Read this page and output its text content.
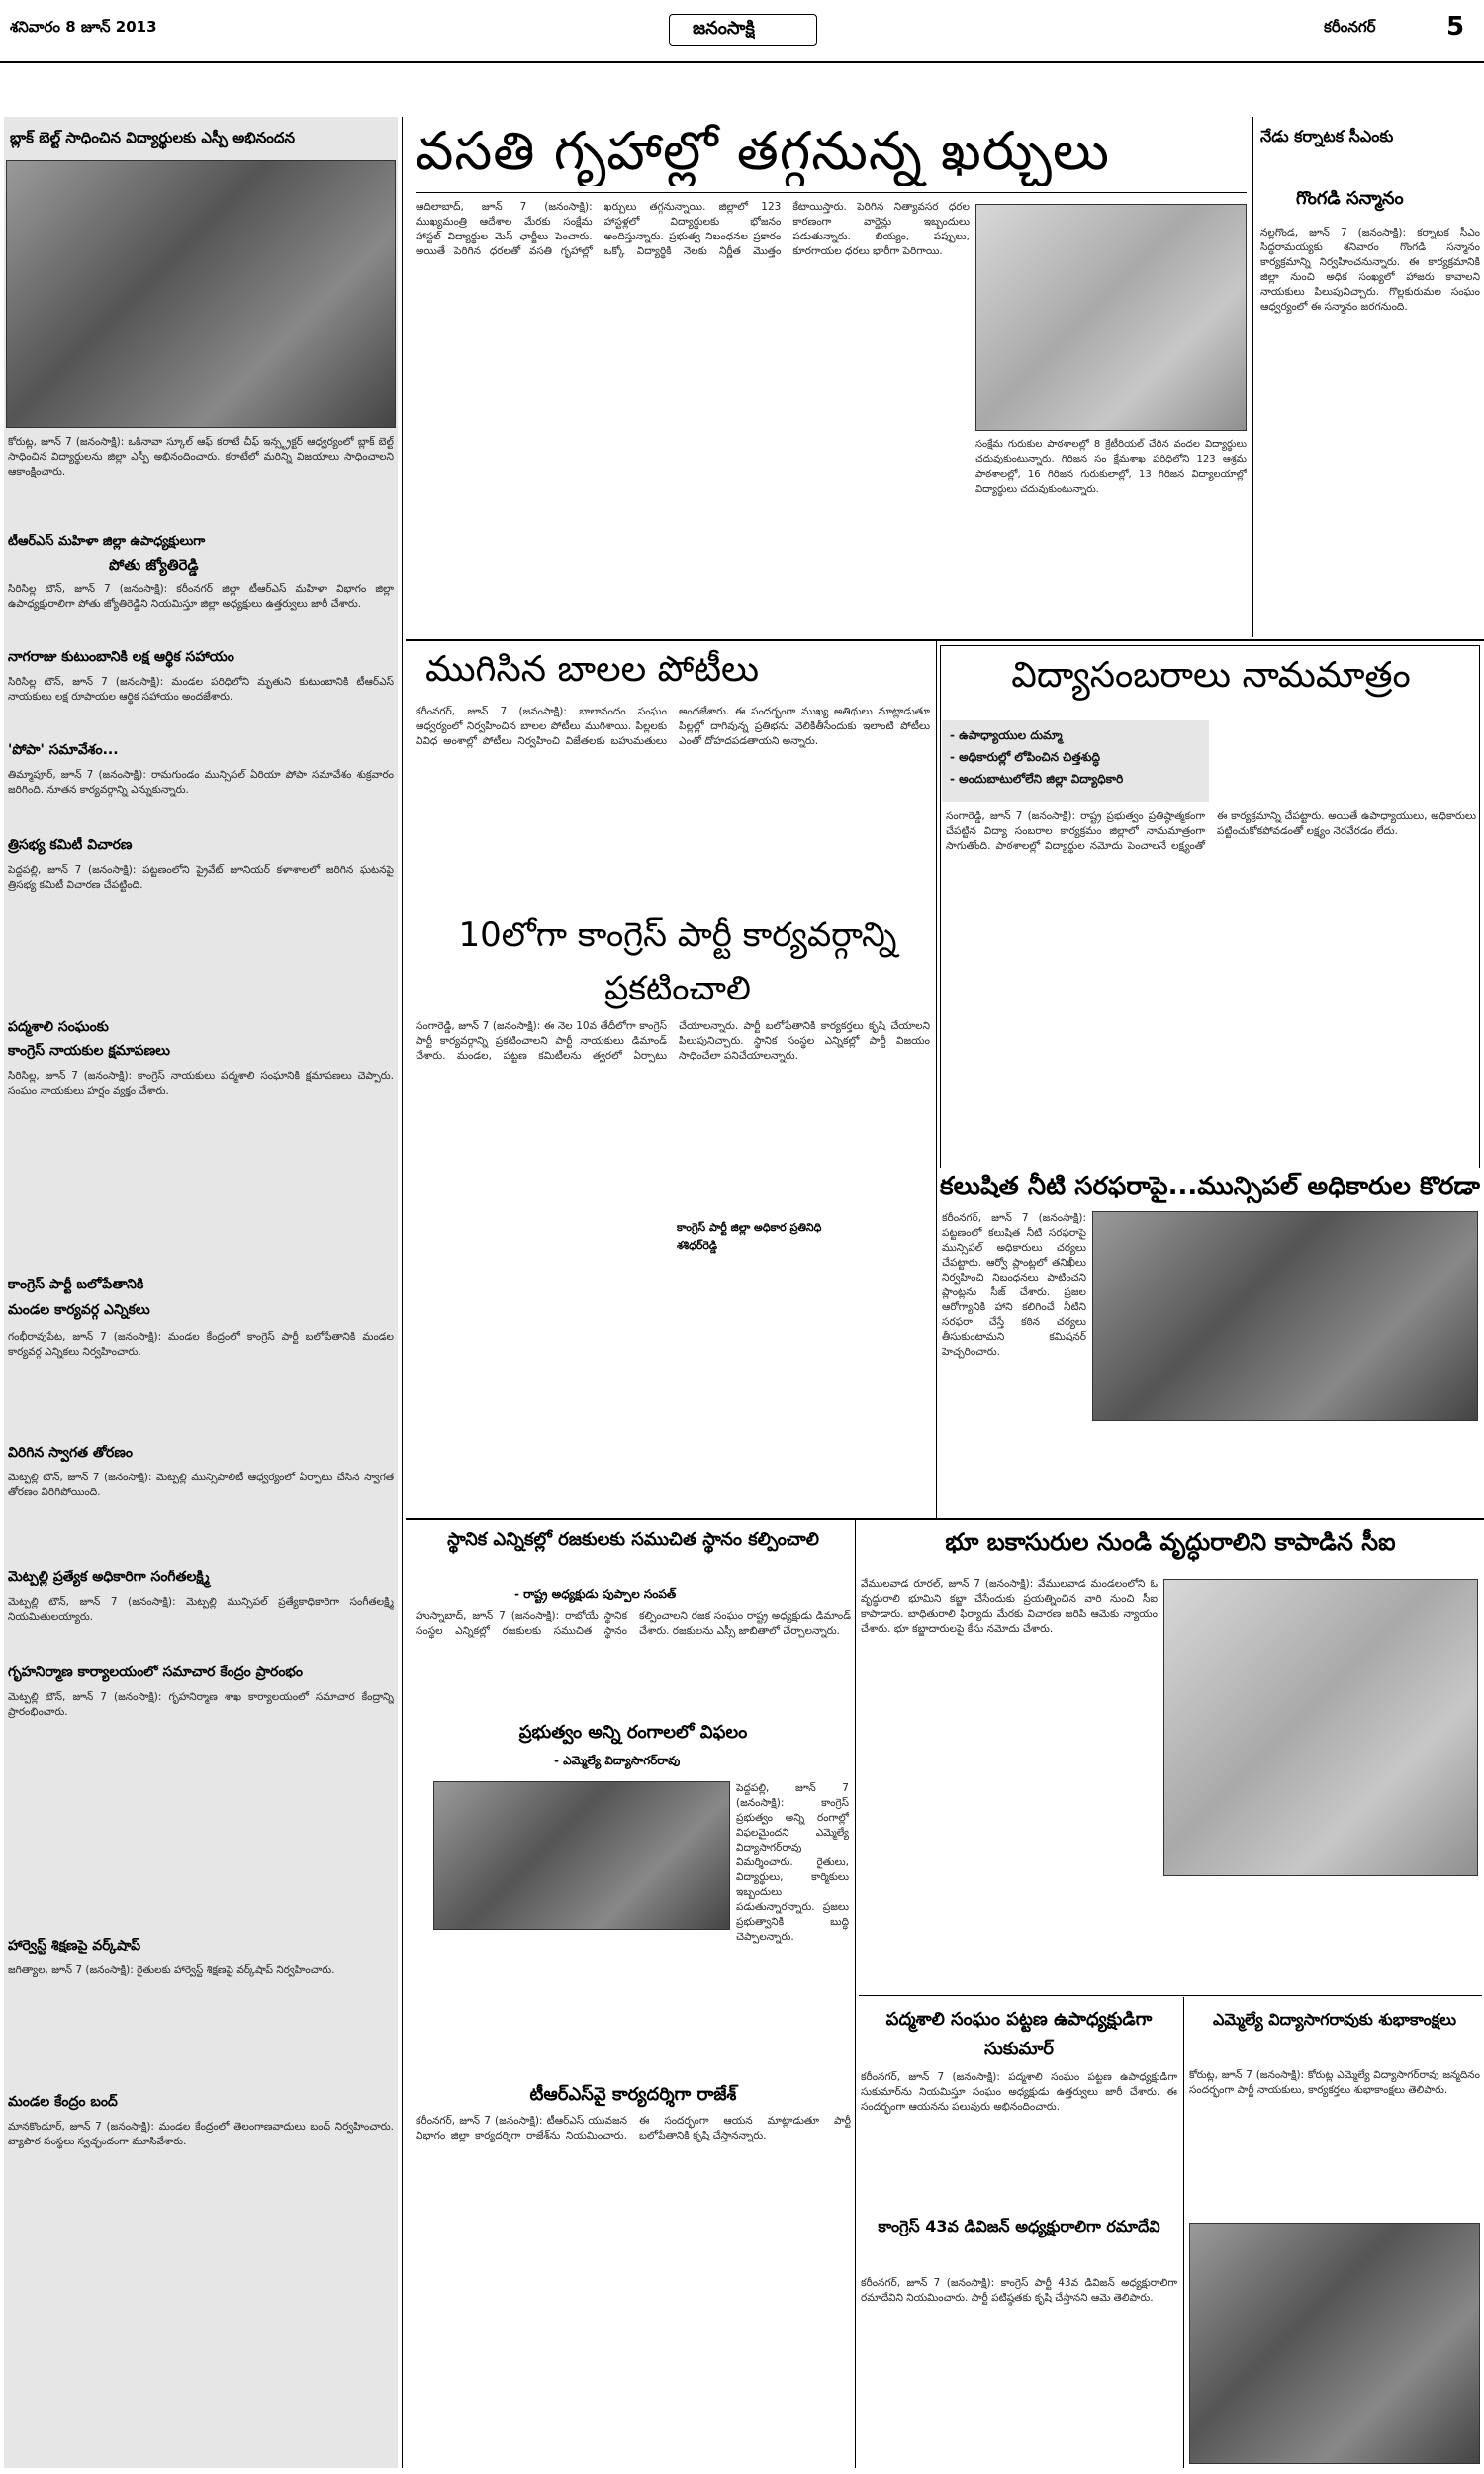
శనివారం 8 జూన్ 2013	జనంసాక్షి	కరీంనగర్	5
బ్లాక్ బెల్ట్ సాధించిన విద్యార్థులకు ఎస్పీ అభినందన
కోరుట్ల, జూన్ 7 (జనంసాక్షి): ఒకినావా స్కూల్ ఆఫ్ కరాటే చీఫ్ ఇన్స్ట్రక్టర్ ఆధ్వర్యంలో బ్లాక్ బెల్ట్ సాధించిన విద్యార్థులను జిల్లా ఎస్పీ అభినందించారు. కరాటేలో మరిన్ని విజయాలు సాధించాలని ఆకాంక్షించారు.
టీఆర్ఎస్ మహిళా జిల్లా ఉపాధ్యక్షులుగా
పోతు జ్యోతిరెడ్డి
సిరిసిల్ల టౌన్, జూన్ 7 (జనంసాక్షి): కరీంనగర్ జిల్లా టీఆర్ఎస్ మహిళా విభాగం జిల్లా ఉపాధ్యక్షురాలిగా పోతు జ్యోతిరెడ్డిని నియమిస్తూ జిల్లా అధ్యక్షులు ఉత్తర్వులు జారీ చేశారు.
నాగరాజు కుటుంబానికి లక్ష ఆర్థిక సహాయం
సిరిసిల్ల టౌన్, జూన్ 7 (జనంసాక్షి): మండల పరిధిలోని మృతుని కుటుంబానికి టీఆర్ఎస్ నాయకులు లక్ష రూపాయల ఆర్థిక సహాయం అందజేశారు.
'పోపా' సమావేశం...
తిమ్మాపూర్, జూన్ 7 (జనంసాక్షి): రామగుండం మున్సిపల్ ఏరియా పోపా సమావేశం శుక్రవారం జరిగింది. నూతన కార్యవర్గాన్ని ఎన్నుకున్నారు.
త్రిసభ్య కమిటీ విచారణ
పెద్దపల్లి, జూన్ 7 (జనంసాక్షి): పట్టణంలోని ప్రైవేట్ జూనియర్ కళాశాలలో జరిగిన ఘటనపై త్రిసభ్య కమిటీ విచారణ చేపట్టింది.
పద్మశాలి సంఘంకు
కాంగ్రెస్ నాయకుల క్షమాపణలు
సిరిసిల్ల, జూన్ 7 (జనంసాక్షి): కాంగ్రెస్ నాయకులు పద్మశాలి సంఘానికి క్షమాపణలు చెప్పారు. సంఘం నాయకులు హర్షం వ్యక్తం చేశారు.
కాంగ్రెస్ పార్టీ బలోపేతానికి
మండల కార్యవర్గ ఎన్నికలు
గంభీరావుపేట, జూన్ 7 (జనంసాక్షి): మండల కేంద్రంలో కాంగ్రెస్ పార్టీ బలోపేతానికి మండల కార్యవర్గ ఎన్నికలు నిర్వహించారు.
విరిగిన స్వాగత తోరణం
మెట్పల్లి టౌన్, జూన్ 7 (జనంసాక్షి): మెట్పల్లి మున్సిపాలిటీ ఆధ్వర్యంలో ఏర్పాటు చేసిన స్వాగత తోరణం విరిగిపోయింది.
మెట్పల్లి ప్రత్యేక అధికారిగా సంగీతలక్ష్మి
మెట్పల్లి టౌన్, జూన్ 7 (జనంసాక్షి): మెట్పల్లి మున్సిపల్ ప్రత్యేకాధికారిగా సంగీతలక్ష్మి నియమితులయ్యారు.
గృహనిర్మాణ కార్యాలయంలో సమాచార కేంద్రం ప్రారంభం
మెట్పల్లి టౌన్, జూన్ 7 (జనంసాక్షి): గృహనిర్మాణ శాఖ కార్యాలయంలో సమాచార కేంద్రాన్ని ప్రారంభించారు.
హార్వెస్ట్ శిక్షణపై వర్క్‌షాప్
జగిత్యాల, జూన్ 7 (జనంసాక్షి): రైతులకు హార్వెస్ట్ శిక్షణపై వర్క్‌షాప్ నిర్వహించారు.
మండల కేంద్రం బంద్
మానకొండూర్, జూన్ 7 (జనంసాక్షి): మండల కేంద్రంలో తెలంగాణవాదులు బంద్ నిర్వహించారు. వ్యాపార సంస్థలు స్వచ్ఛందంగా మూసివేశారు.
వసతి గృహాల్లో తగ్గనున్న ఖర్చులు
ఆదిలాబాద్, జూన్ 7 (జనంసాక్షి): ముఖ్యమంత్రి ఆదేశాల మేరకు సంక్షేమ హాస్టల్ విద్యార్థుల మెస్ ఛార్జీలు పెంచారు. అయితే పెరిగిన ధరలతో వసతి గృహాల్లో ఖర్చులు తగ్గనున్నాయి. జిల్లాలో 123 హాస్టళ్లలో విద్యార్థులకు భోజనం అందిస్తున్నారు. ప్రభుత్వ నిబంధనల ప్రకారం ఒక్కో విద్యార్థికి నెలకు నిర్ణీత మొత్తం కేటాయిస్తారు. పెరిగిన నిత్యావసర ధరల కారణంగా వార్డెన్లు ఇబ్బందులు పడుతున్నారు. బియ్యం, పప్పులు, కూరగాయల ధరలు భారీగా పెరిగాయి.
సంక్షేమ గురుకుల పాఠశాలల్లో 8 క్రేటీరియల్ చేరిన వందల విద్యార్థులు చదువుకుంటున్నారు. గిరిజన సం క్షేమశాఖ పరిధిలోని 123 ఆశ్రమ పాఠశాలల్లో, 16 గిరిజన గురుకులాల్లో, 13 గిరిజన విద్యాలయాల్లో విద్యార్థులు చదువుకుంటున్నారు.
నేడు కర్నాటక సీఎంకు
గొంగడి సన్మానం
నల్లగొండ, జూన్ 7 (జనంసాక్షి): కర్నాటక సీఎం సిద్ధరామయ్యకు శనివారం గొంగడి సన్మానం కార్యక్రమాన్ని నిర్వహించనున్నారు. ఈ కార్యక్రమానికి జిల్లా నుంచి అధిక సంఖ్యలో హాజరు కావాలని నాయకులు పిలుపునిచ్చారు. గొల్లకురుమల సంఘం ఆధ్వర్యంలో ఈ సన్మానం జరగనుంది.
ముగిసిన బాలల పోటీలు
కరీంనగర్, జూన్ 7 (జనంసాక్షి): బాలానందం సంఘం ఆధ్వర్యంలో నిర్వహించిన బాలల పోటీలు ముగిశాయి. పిల్లలకు వివిధ అంశాల్లో పోటీలు నిర్వహించి విజేతలకు బహుమతులు అందజేశారు. ఈ సందర్భంగా ముఖ్య అతిథులు మాట్లాడుతూ పిల్లల్లో దాగివున్న ప్రతిభను వెలికితీసేందుకు ఇలాంటి పోటీలు ఎంతో దోహదపడతాయని అన్నారు.
10లోగా కాంగ్రెస్ పార్టీ కార్యవర్గాన్ని ప్రకటించాలి
సంగారెడ్డి, జూన్ 7 (జనంసాక్షి): ఈ నెల 10వ తేదీలోగా కాంగ్రెస్ పార్టీ కార్యవర్గాన్ని ప్రకటించాలని పార్టీ నాయకులు డిమాండ్ చేశారు. మండల, పట్టణ కమిటీలను త్వరలో ఏర్పాటు చేయాలన్నారు. పార్టీ బలోపేతానికి కార్యకర్తలు కృషి చేయాలని పిలుపునిచ్చారు. స్థానిక సంస్థల ఎన్నికల్లో పార్టీ విజయం సాధించేలా పనిచేయాలన్నారు.
కాంగ్రెస్ పార్టీ జిల్లా అధికార ప్రతినిధి
శశిధర్‌రెడ్డి
విద్యాసంబరాలు నామమాత్రం
- ఉపాధ్యాయుల దుమ్మా
- అధికారుల్లో లోపించిన చిత్తశుద్ధి
- అందుబాటులోలేని జిల్లా విద్యాధికారి
సంగారెడ్డి, జూన్ 7 (జనంసాక్షి): రాష్ట్ర ప్రభుత్వం ప్రతిష్ఠాత్మకంగా చేపట్టిన విద్యా సంబరాల కార్యక్రమం జిల్లాలో నామమాత్రంగా సాగుతోంది. పాఠశాలల్లో విద్యార్థుల నమోదు పెంచాలనే లక్ష్యంతో ఈ కార్యక్రమాన్ని చేపట్టారు. అయితే ఉపాధ్యాయులు, అధికారులు పట్టించుకోకపోవడంతో లక్ష్యం నెరవేరడం లేదు.
కలుషిత నీటి సరఫరాపై...మున్సిపల్ అధికారుల కొరడా
కరీంనగర్, జూన్ 7 (జనంసాక్షి): పట్టణంలో కలుషిత నీటి సరఫరాపై మున్సిపల్ అధికారులు చర్యలు చేపట్టారు. ఆర్వో ప్లాంట్లలో తనిఖీలు నిర్వహించి నిబంధనలు పాటించని ప్లాంట్లను సీజ్ చేశారు. ప్రజల ఆరోగ్యానికి హాని కలిగించే నీటిని సరఫరా చేస్తే కఠిన చర్యలు తీసుకుంటామని కమిషనర్ హెచ్చరించారు.
స్థానిక ఎన్నికల్లో రజకులకు సముచిత స్థానం కల్పించాలి
- రాష్ట్ర అధ్యక్షుడు పుప్పాల సంపత్
హుస్నాబాద్, జూన్ 7 (జనంసాక్షి): రాబోయే స్థానిక సంస్థల ఎన్నికల్లో రజకులకు సముచిత స్థానం కల్పించాలని రజక సంఘం రాష్ట్ర అధ్యక్షుడు డిమాండ్ చేశారు. రజకులను ఎస్సీ జాబితాలో చేర్చాలన్నారు.
ప్రభుత్వం అన్ని రంగాలలో విఫలం
- ఎమ్మెల్యే విద్యాసాగర్‌రావు
పెద్దపల్లి, జూన్ 7 (జనంసాక్షి): కాంగ్రెస్ ప్రభుత్వం అన్ని రంగాల్లో విఫలమైందని ఎమ్మెల్యే విద్యాసాగర్‌రావు విమర్శించారు. రైతులు, విద్యార్థులు, కార్మికులు ఇబ్బందులు పడుతున్నారన్నారు. ప్రజలు ప్రభుత్వానికి బుద్ధి చెప్పాలన్నారు.
టీఆర్ఎస్‌వై కార్యదర్శిగా రాజేశ్
కరీంనగర్, జూన్ 7 (జనంసాక్షి): టీఆర్ఎస్ యువజన విభాగం జిల్లా కార్యదర్శిగా రాజేశ్‌ను నియమించారు. ఈ సందర్భంగా ఆయన మాట్లాడుతూ పార్టీ బలోపేతానికి కృషి చేస్తానన్నారు.
భూ బకాసురుల నుండి వృద్ధురాలిని కాపాడిన సీఐ
వేములవాడ రూరల్, జూన్ 7 (జనంసాక్షి): వేములవాడ మండలంలోని ఓ వృద్ధురాలి భూమిని కబ్జా చేసేందుకు ప్రయత్నించిన వారి నుంచి సీఐ కాపాడారు. బాధితురాలి ఫిర్యాదు మేరకు విచారణ జరిపి ఆమెకు న్యాయం చేశారు. భూ కబ్జాదారులపై కేసు నమోదు చేశారు.
పద్మశాలి సంఘం పట్టణ ఉపాధ్యక్షుడిగా సుకుమార్
కరీంనగర్, జూన్ 7 (జనంసాక్షి): పద్మశాలి సంఘం పట్టణ ఉపాధ్యక్షుడిగా సుకుమార్‌ను నియమిస్తూ సంఘం అధ్యక్షుడు ఉత్తర్వులు జారీ చేశారు. ఈ సందర్భంగా ఆయనను పలువురు అభినందించారు.
కాంగ్రెస్ 43వ డివిజన్ అధ్యక్షురాలిగా రమాదేవి
కరీంనగర్, జూన్ 7 (జనంసాక్షి): కాంగ్రెస్ పార్టీ 43వ డివిజన్ అధ్యక్షురాలిగా రమాదేవిని నియమించారు. పార్టీ పటిష్ఠతకు కృషి చేస్తానని ఆమె తెలిపారు.
ఎమ్మెల్యే విద్యాసాగరావుకు శుభాకాంక్షలు
కోరుట్ల, జూన్ 7 (జనంసాక్షి): కోరుట్ల ఎమ్మెల్యే విద్యాసాగర్‌రావు జన్మదినం సందర్భంగా పార్టీ నాయకులు, కార్యకర్తలు శుభాకాంక్షలు తెలిపారు.
